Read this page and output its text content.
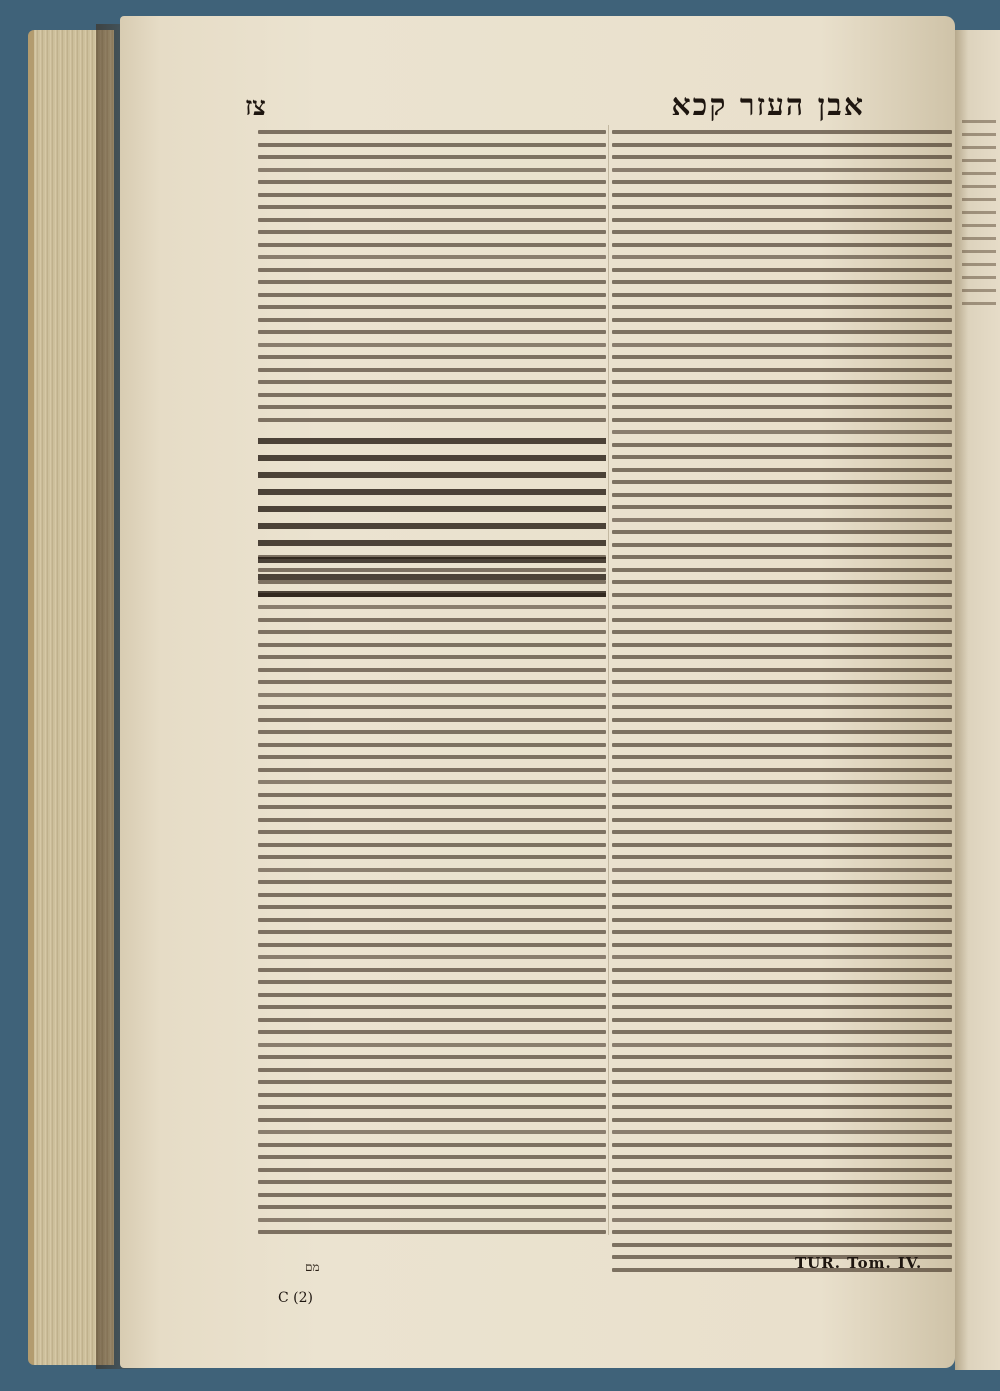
אבן העזר קכא
צז
מם
C (2)
TUR. Tom. IV.
